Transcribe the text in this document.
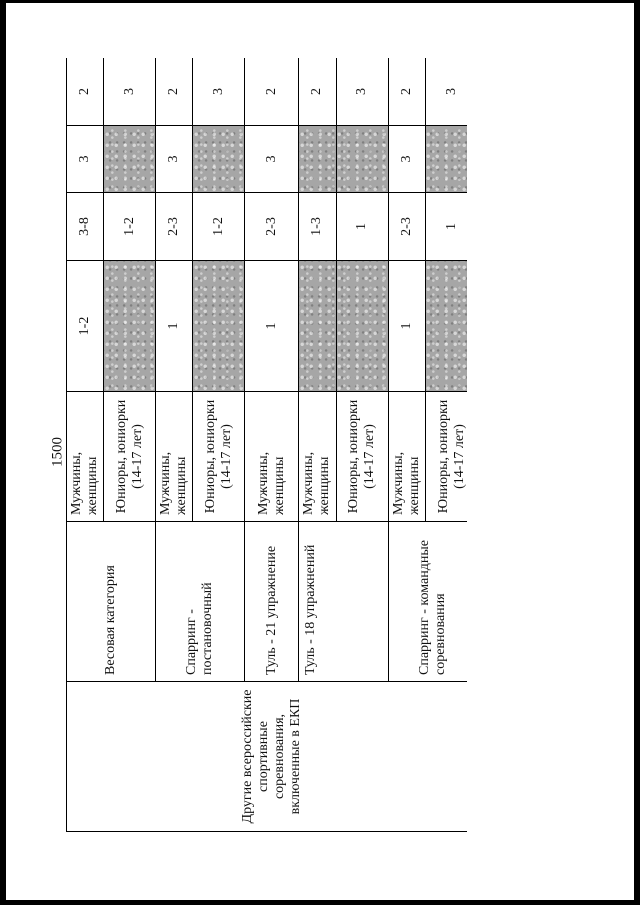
1500
Другие всероссийские спортивные соревнования, включенные в ЕКП	Весовая категория	Мужчины, женщины	1-2	3-8	3	2
		Юниоры, юниорки (14-17 лет)		1-2		3
	Спарринг - постановочный	Мужчины, женщины	1	2-3	3	2
		Юниоры, юниорки (14-17 лет)		1-2		3
	Туль - 21 упражнение	Мужчины, женщины	1	2-3	3	2
	Туль - 18 упражнений	Мужчины, женщины		1-3		2
		Юниоры, юниорки (14-17 лет)		1		3
	Спарринг - командные соревнования	Мужчины, женщины	1	2-3	3	2
		Юниоры, юниорки (14-17 лет)		1		3
